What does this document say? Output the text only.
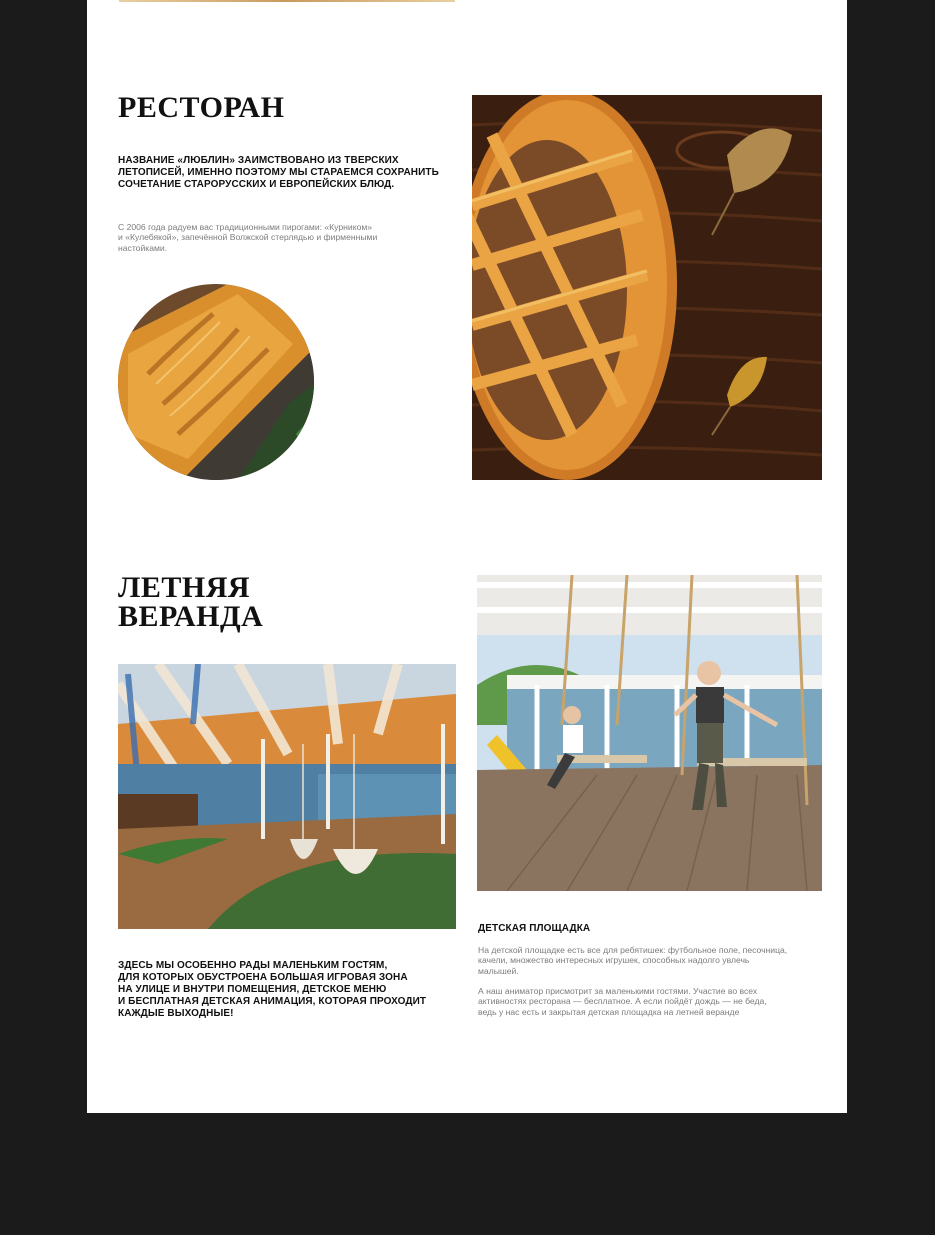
РЕСТОРАН

НАЗВАНИЕ «ЛЮБЛИН» ЗАИМСТВОВАНО ИЗ ТВЕРСКИХ
ЛЕТОПИСЕЙ, ИМЕННО ПОЭТОМУ МЫ СТАРАЕМСЯ СОХРАНИТЬ
СОЧЕТАНИЕ СТАРОРУССКИХ И ЕВРОПЕЙСКИХ БЛЮД.

С 2006 года радуем вас традиционными пирогами: «Курником»
и «Кулебякой», запечённой Волжской стерлядью и фирменными
настойками.

ЛЕТНЯЯ
ВЕРАНДА

ЗДЕСЬ МЫ ОСОБЕННО РАДЫ МАЛЕНЬКИМ ГОСТЯМ,
ДЛЯ КОТОРЫХ ОБУСТРОЕНА БОЛЬШАЯ ИГРОВАЯ ЗОНА
НА УЛИЦЕ И ВНУТРИ ПОМЕЩЕНИЯ, ДЕТСКОЕ МЕНЮ
И БЕСПЛАТНАЯ ДЕТСКАЯ АНИМАЦИЯ, КОТОРАЯ ПРОХОДИТ
КАЖДЫЕ ВЫХОДНЫЕ!

ДЕТСКАЯ ПЛОЩАДКА

На детской площадке есть все для ребятишек: футбольное поле, песочница,
качели, множество интересных игрушек, способных надолго увлечь
малышей.

А наш аниматор присмотрит за маленькими гостями. Участие во всех
активностях ресторана — бесплатное. А если пойдёт дождь — не беда,
ведь у нас есть и закрытая детская площадка на летней веранде
